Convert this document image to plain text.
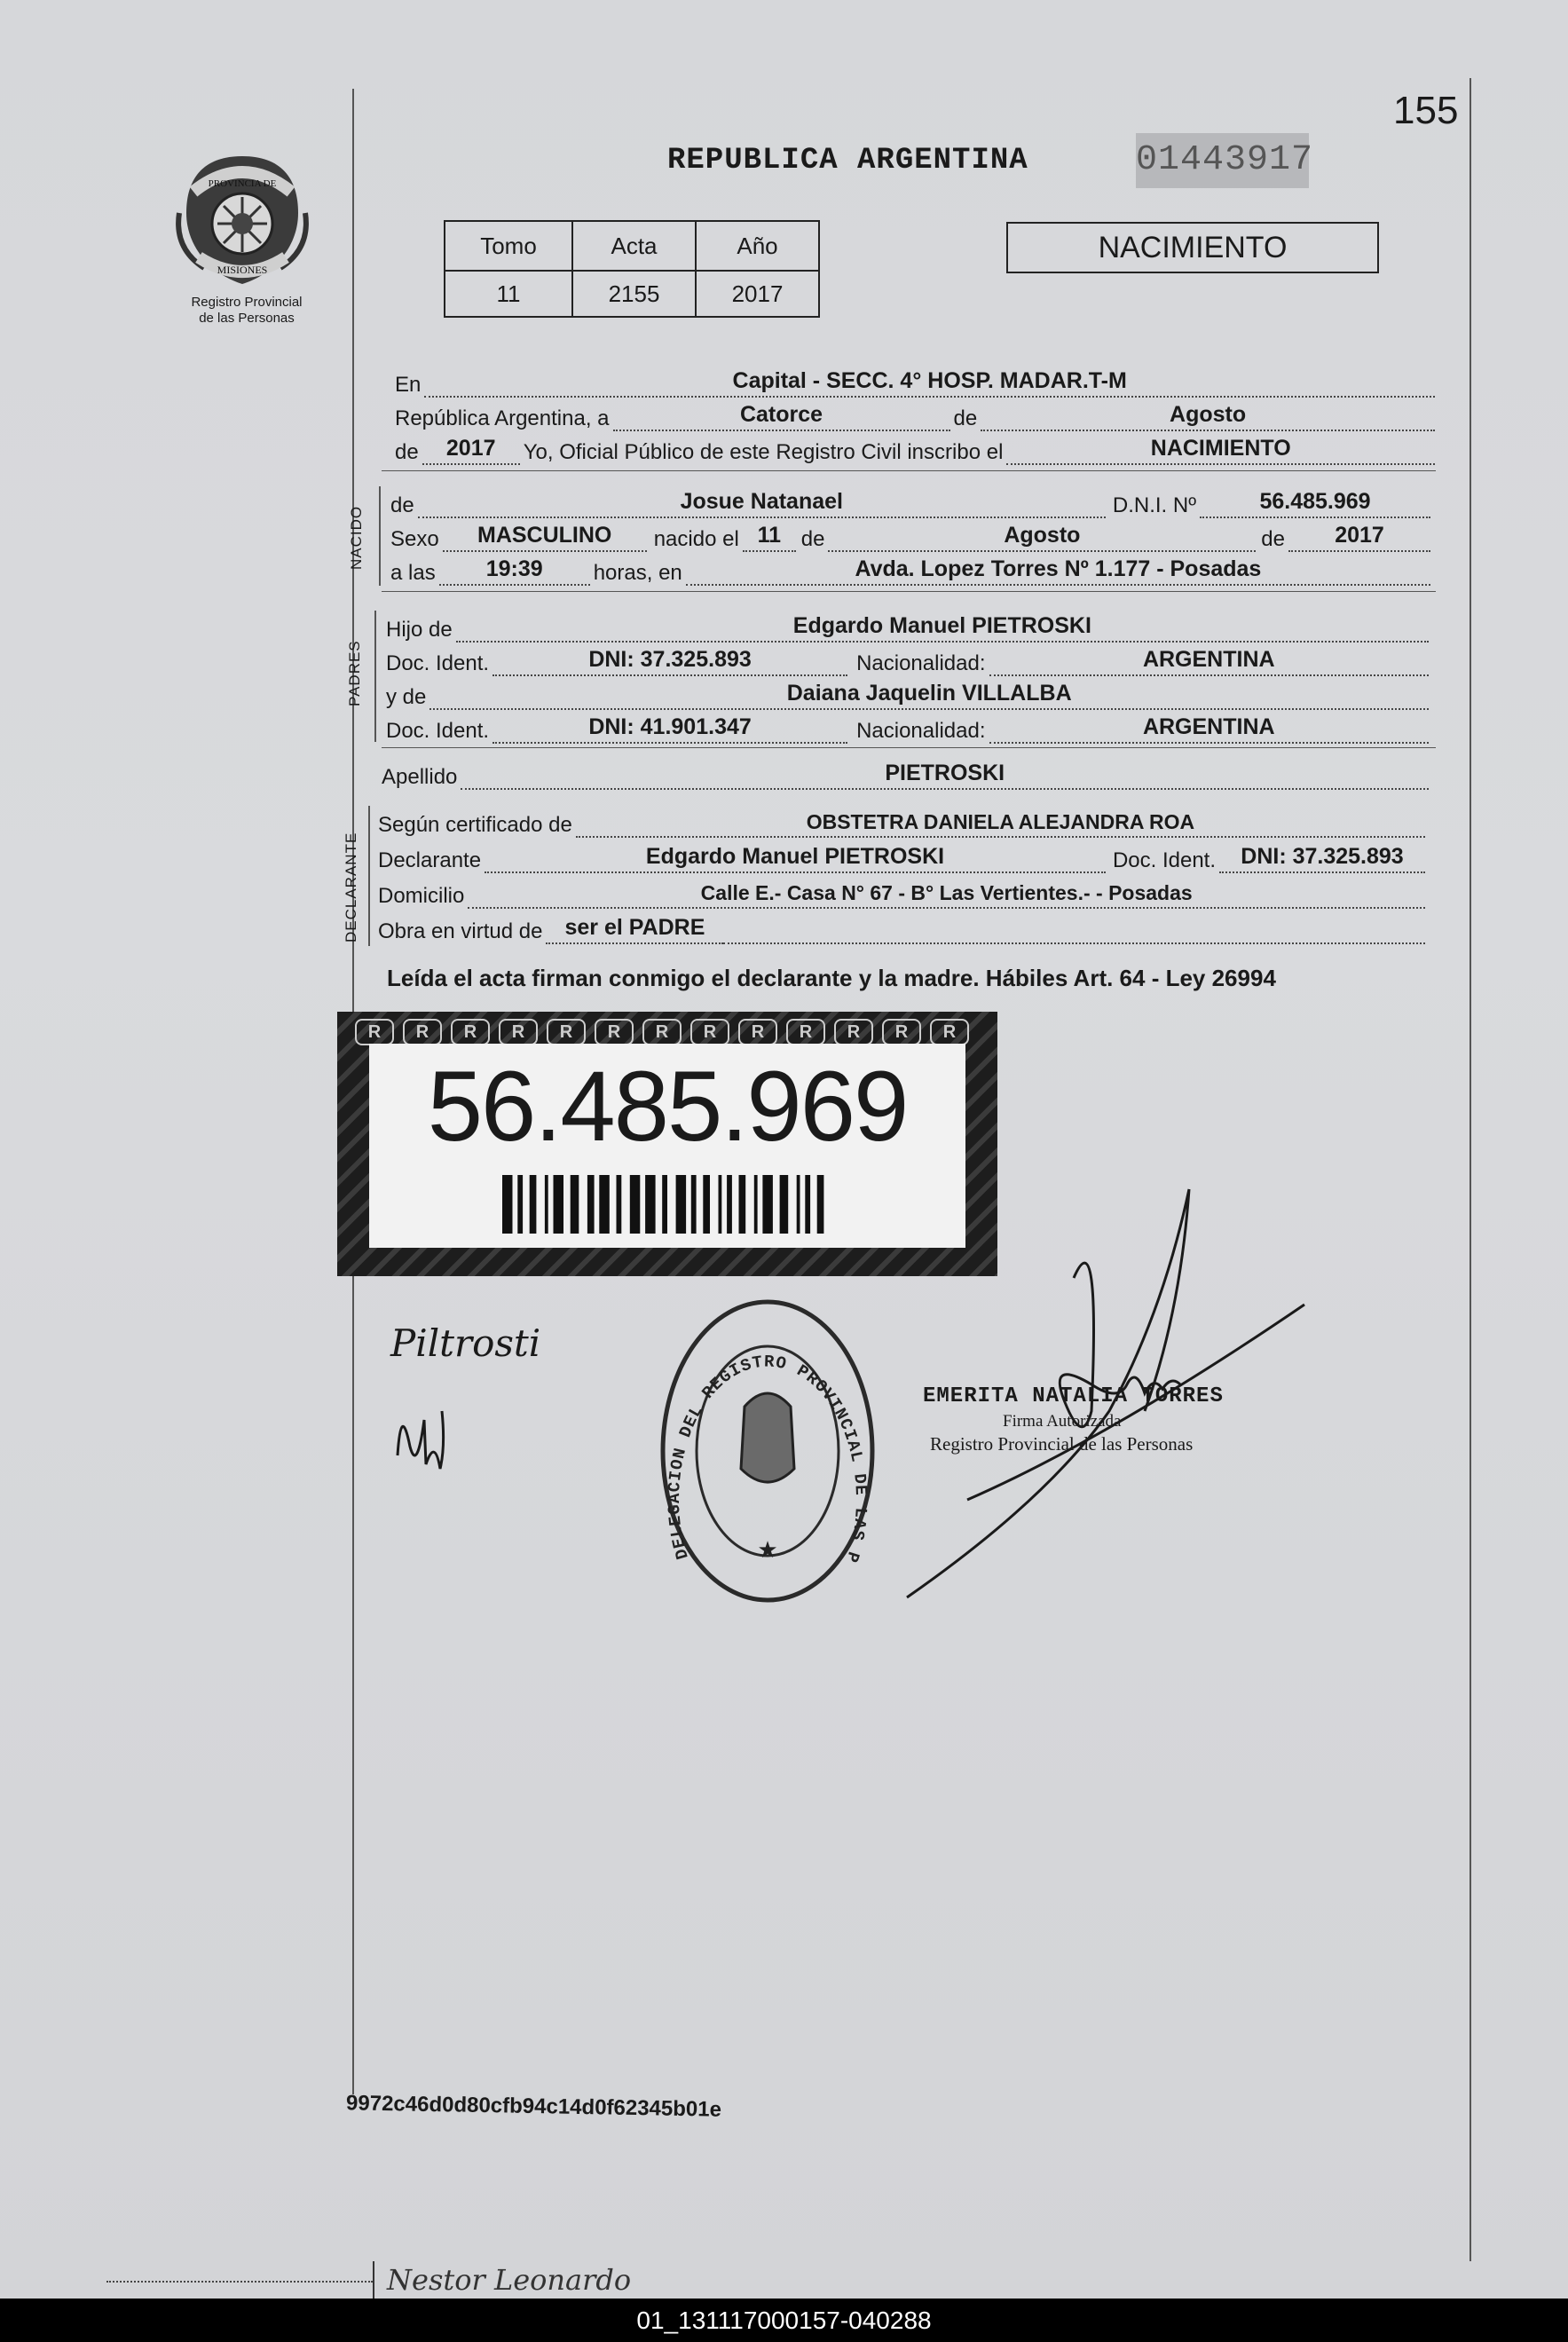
155
REPUBLICA ARGENTINA	01443917
PROVINCIA DE
MISIONES
Registro Provincial
de las Personas
Tomo	Acta	Año
11	2155	2017
NACIMIENTO
En	Capital - SECC. 4° HOSP. MADAR.T-M
República Argentina, a	Catorce	de	Agosto
de	2017	Yo, Oficial Público de este Registro Civil inscribo el	NACIMIENTO
NACIDO
de	Josue Natanael	D.N.I. Nº	56.485.969
Sexo	MASCULINO	nacido el 11 de	Agosto	de	2017
a las	19:39	horas, en	Avda. Lopez Torres Nº 1.177 - Posadas
PADRES
Hijo de	Edgardo Manuel PIETROSKI
Doc. Ident.	DNI: 37.325.893	Nacionalidad:	ARGENTINA
y de	Daiana Jaquelin VILLALBA
Doc. Ident.	DNI: 41.901.347	Nacionalidad:	ARGENTINA
Apellido	PIETROSKI
DECLARANTE
Según certificado de	OBSTETRA DANIELA ALEJANDRA ROA
Declarante	Edgardo Manuel PIETROSKI	Doc. Ident.	DNI: 37.325.893
Domicilio	Calle E.- Casa N° 67 - B° Las Vertientes.- - Posadas
Obra en virtud de	ser el PADRE
Leída el acta firman conmigo el declarante y la madre. Hábiles Art. 64 - Ley 26994
R	R	R	R	R	R	R	R	R	R	R	R	R
56.485.969
Piltrosti
DELEGACION DEL REGISTRO PROVINCIAL DE LAS P
★
EMERITA NATALIA TORRES
Firma Autorizada
Registro Provincial de las Personas
9972c46d0d80cfb94c14d0f62345b01e
Nestor Leonardo
01_131117000157-040288
